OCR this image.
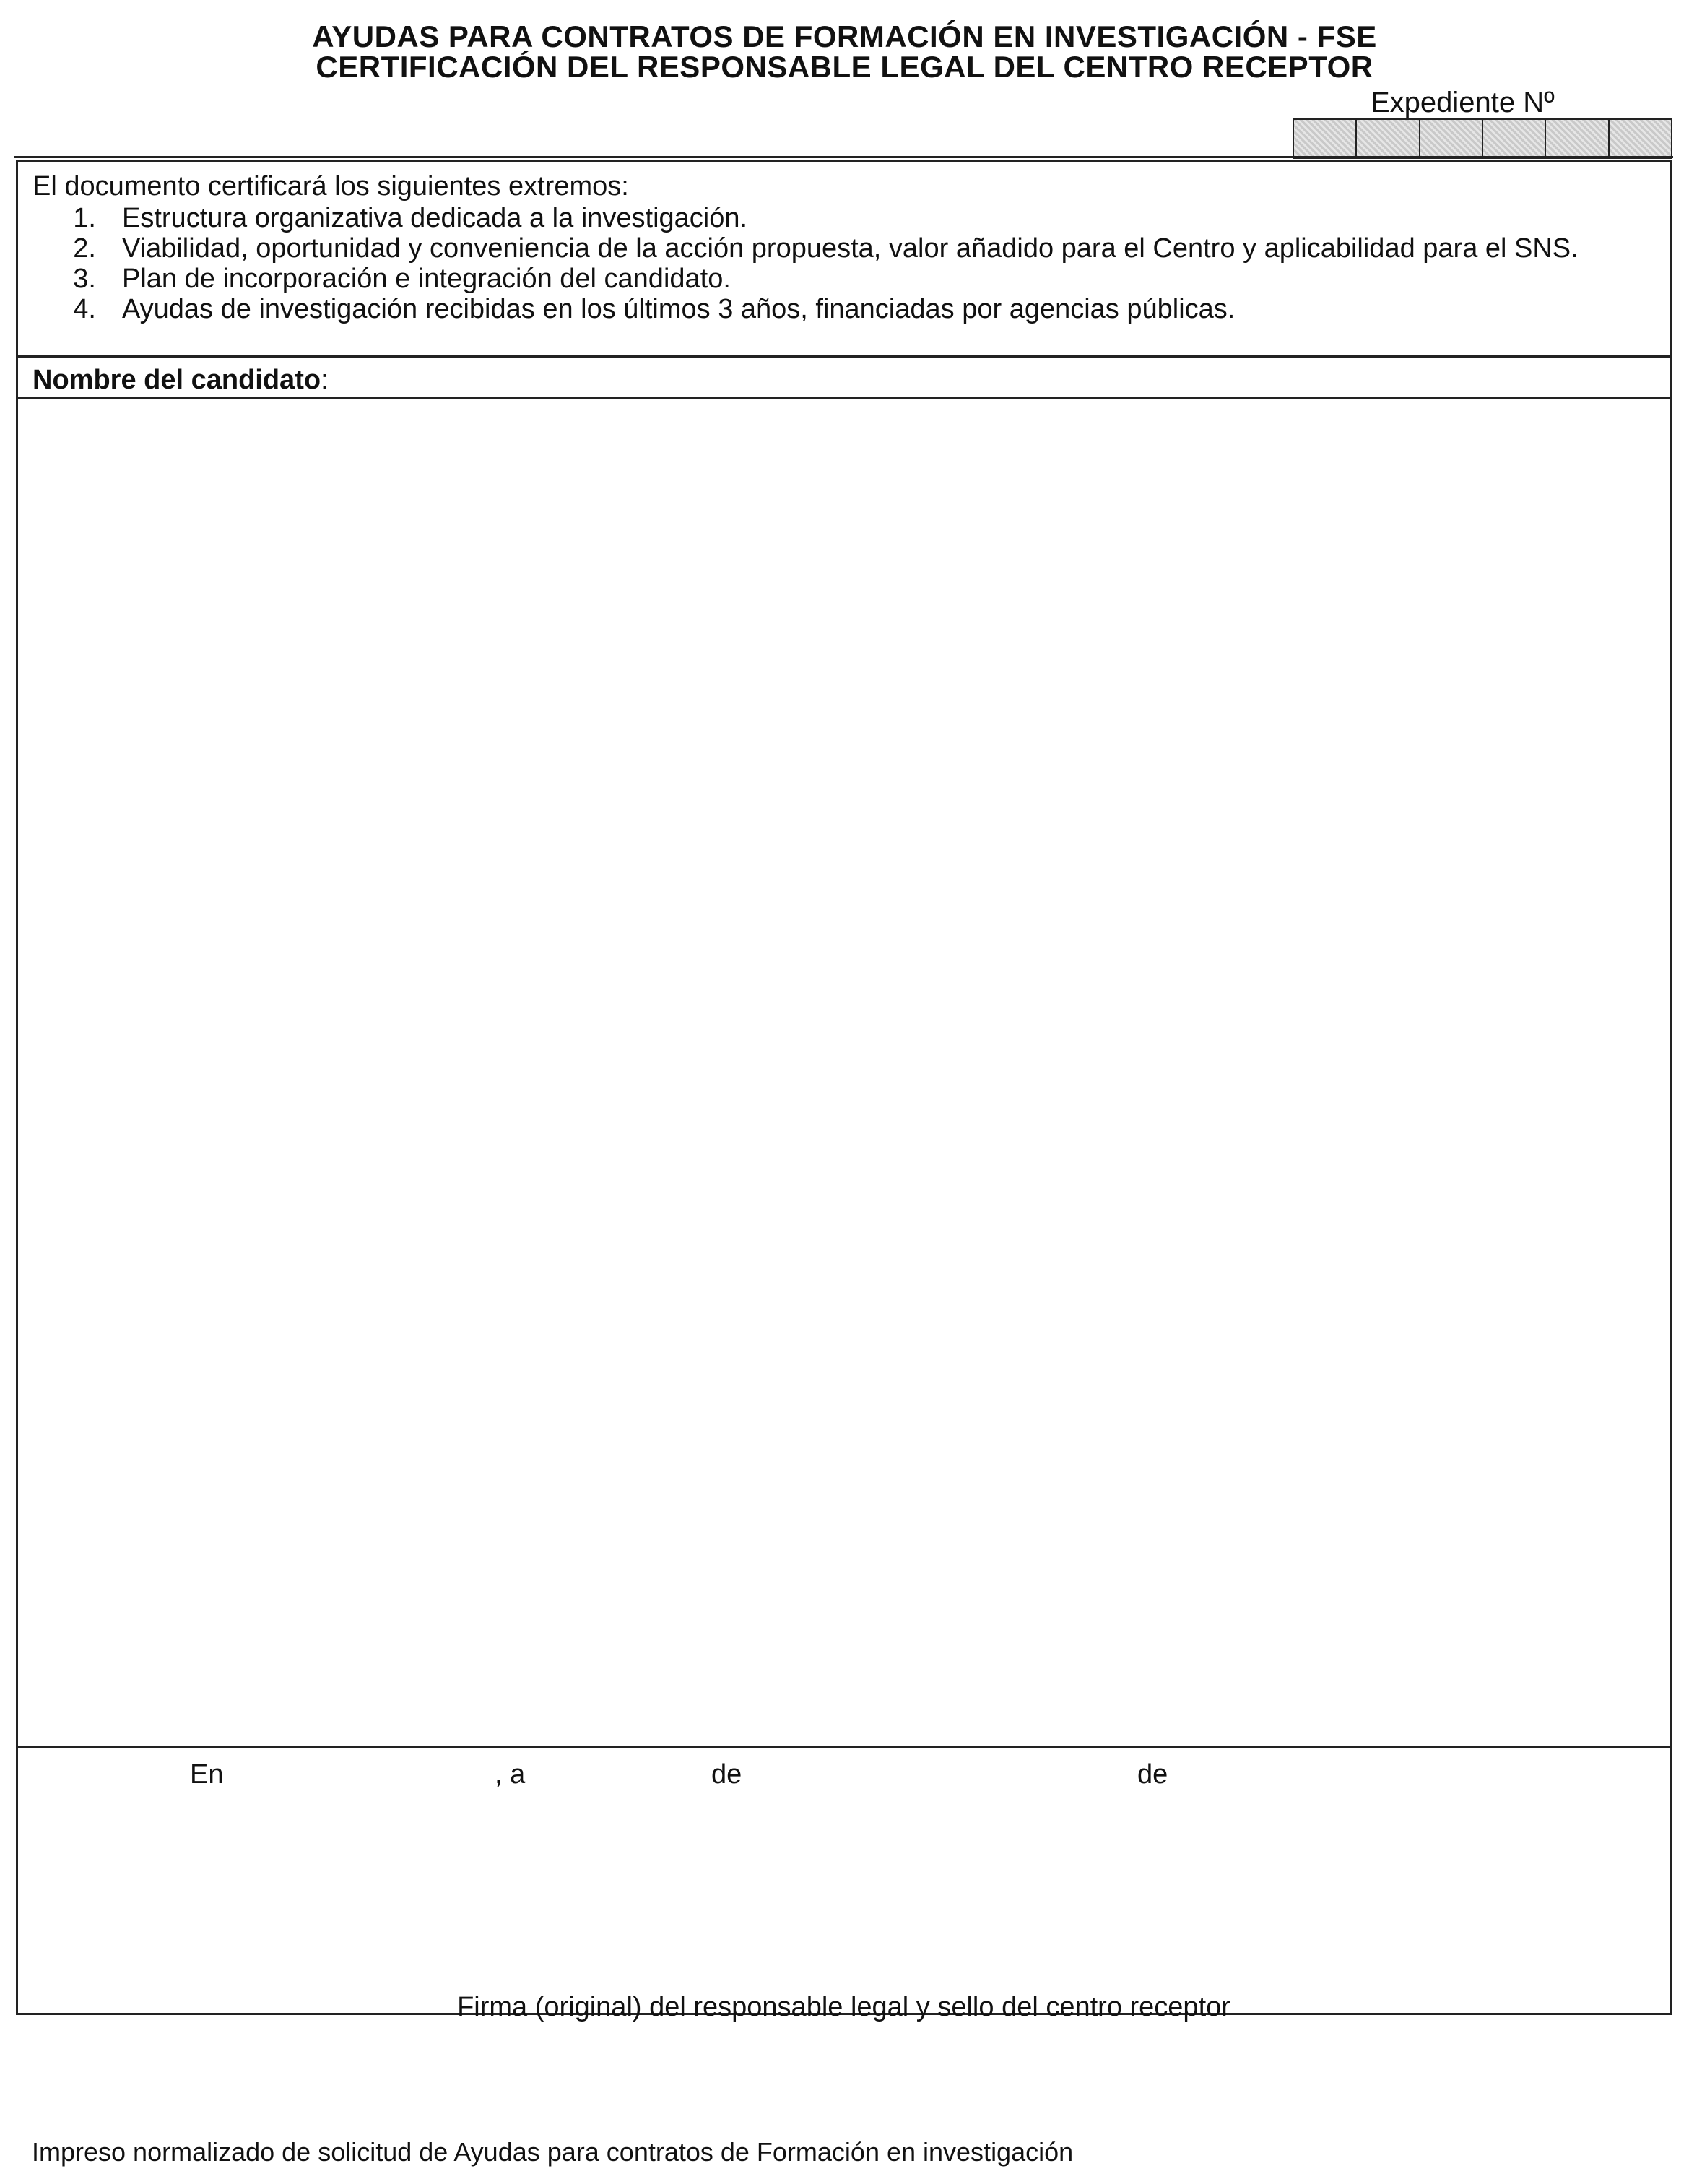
AYUDAS PARA CONTRATOS DE FORMACIÓN EN INVESTIGACIÓN - FSE
CERTIFICACIÓN DEL RESPONSABLE LEGAL DEL CENTRO RECEPTOR
Expediente Nº

El documento certificará los siguientes extremos:

1. Estructura organizativa dedicada a la investigación.
2. Viabilidad, oportunidad y conveniencia de la acción propuesta, valor añadido para el Centro y aplicabilidad para el SNS.
3. Plan de incorporación e integración del candidato.
4. Ayudas de investigación recibidas en los últimos 3 años, financiadas por agencias públicas.
Nombre del candidato:
En	, a	de	de
Firma (original) del responsable legal y sello del centro receptor
Impreso normalizado de solicitud de Ayudas para contratos de Formación en investigación
